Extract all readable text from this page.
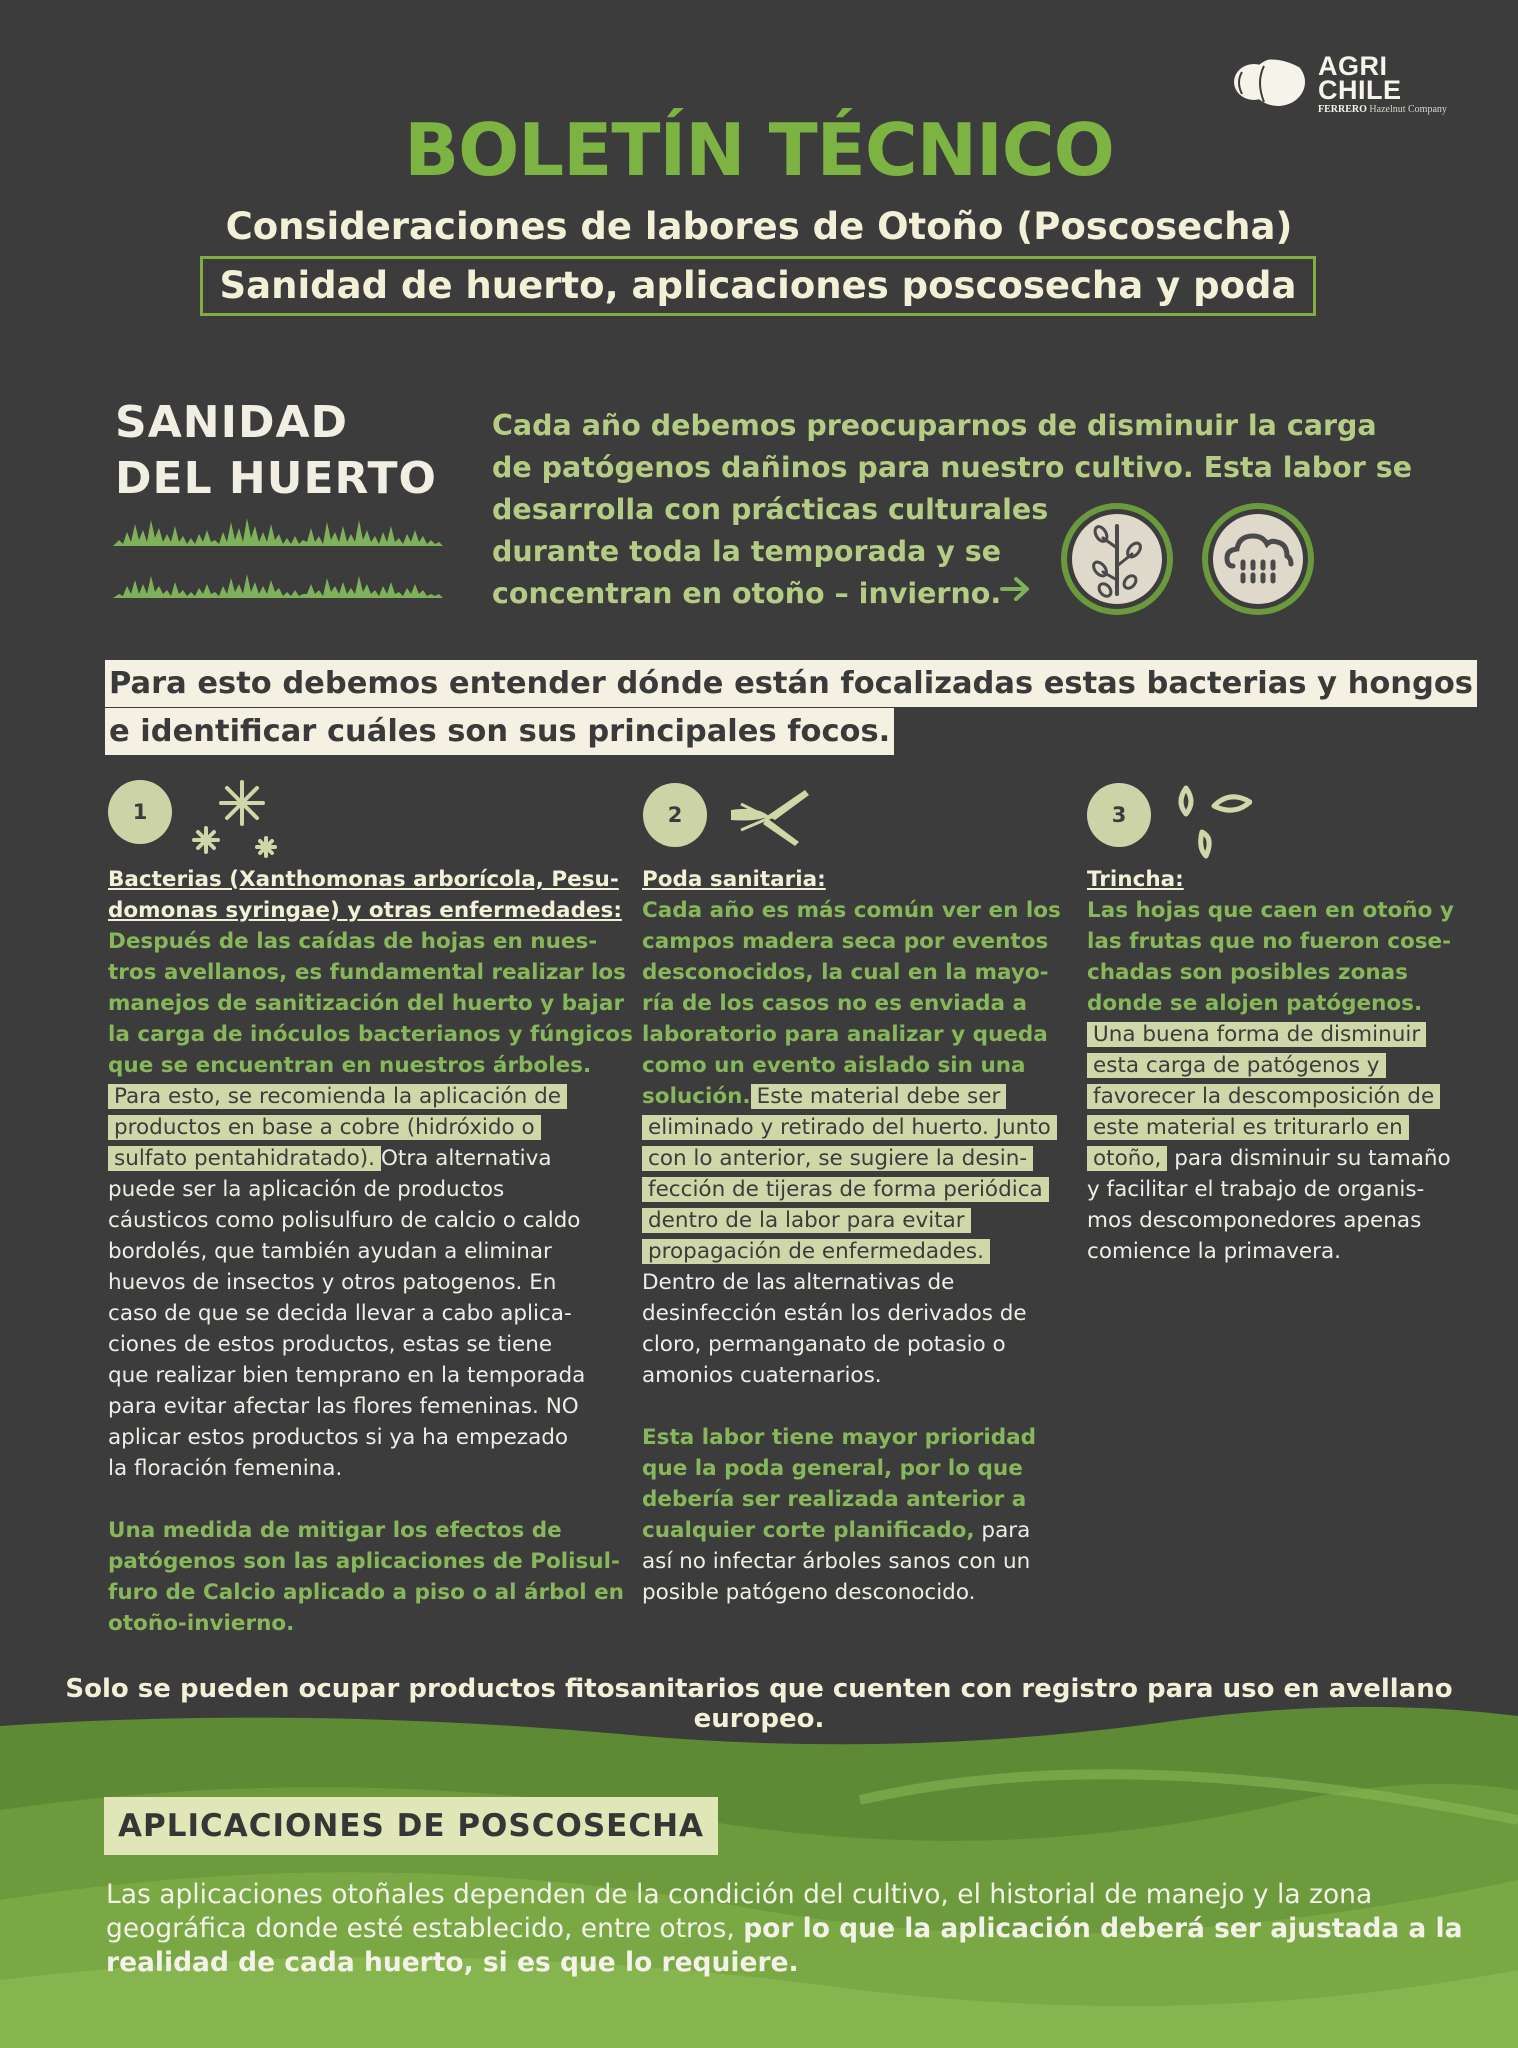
AGRI
CHILE
FERRERO Hazelnut Company
BOLETÍN TÉCNICO
Consideraciones de labores de Otoño (Poscosecha)
Sanidad de huerto, aplicaciones poscosecha y poda
SANIDAD
DEL HUERTO
Cada año debemos preocuparnos de disminuir la carga
de patógenos dañinos para nuestro cultivo. Esta labor se
desarrolla con prácticas culturales
durante toda la temporada y se
concentran en otoño – invierno.
Para esto debemos entender dónde están focalizadas estas bacterias y hongos
e identificar cuáles son sus principales focos.
1
Bacterias (Xanthomonas arborícola, Pesu-
domonas syringae) y otras enfermedades:
Después de las caídas de hojas en nues-
tros avellanos, es fundamental realizar los
manejos de sanitización del huerto y bajar
la carga de inóculos bacterianos y fúngicos
que se encuentran en nuestros árboles.
Para esto, se recomienda la aplicación de
productos en base a cobre (hidróxido o
sulfato pentahidratado). Otra alternativa
puede ser la aplicación de productos
cáusticos como polisulfuro de calcio o caldo
bordolés, que también ayudan a eliminar
huevos de insectos y otros patogenos. En
caso de que se decida llevar a cabo aplica-
ciones de estos productos, estas se tiene
que realizar bien temprano en la temporada
para evitar afectar las flores femeninas. NO
aplicar estos productos si ya ha empezado
la floración femenina.
Una medida de mitigar los efectos de
patógenos son las aplicaciones de Polisul-
furo de Calcio aplicado a piso o al árbol en
otoño-invierno.
2
Poda sanitaria:
Cada año es más común ver en los
campos madera seca por eventos
desconocidos, la cual en la mayo-
ría de los casos no es enviada a
laboratorio para analizar y queda
como un evento aislado sin una
solución. Este material debe ser
eliminado y retirado del huerto. Junto
con lo anterior, se sugiere la desin-
fección de tijeras de forma periódica
dentro de la labor para evitar
propagación de enfermedades.
Dentro de las alternativas de
desinfección están los derivados de
cloro, permanganato de potasio o
amonios cuaternarios.
Esta labor tiene mayor prioridad
que la poda general, por lo que
debería ser realizada anterior a
cualquier corte planificado, para
así no infectar árboles sanos con un
posible patógeno desconocido.
3
Trincha:
Las hojas que caen en otoño y
las frutas que no fueron cose-
chadas son posibles zonas
donde se alojen patógenos.
Una buena forma de disminuir
esta carga de patógenos y
favorecer la descomposición de
este material es triturarlo en
otoño, para disminuir su tamaño
y facilitar el trabajo de organis-
mos descomponedores apenas
comience la primavera.
Solo se pueden ocupar productos fitosanitarios que cuenten con registro para uso en avellano europeo.
APLICACIONES DE POSCOSECHA
Las aplicaciones otoñales dependen de la condición del cultivo, el historial de manejo y la zona
geográfica donde esté establecido, entre otros, por lo que la aplicación deberá ser ajustada a la
realidad de cada huerto, si es que lo requiere.
